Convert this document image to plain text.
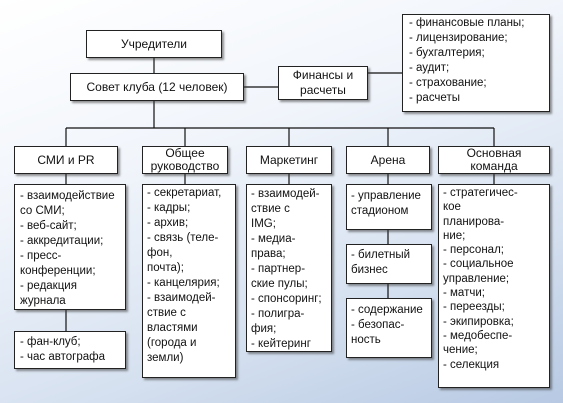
Учредители
Совет клуба (12 человек)
Финансы и
расчеты
- финансовые планы;
- лицензирование;
- бухгалтерия;
- аудит;
- страхование;
- расчеты
СМИ и PR	Общее
руководство	Маркетинг	Арена	Основная
команда
- взаимодействие
со СМИ;
- веб-сайт;
- аккредитации;
- пресс-
конференции;
- редакция
журнала
- фан-клуб;
- час автографа
- секретариат,
- кадры;
- архив;
- связь (теле-
фон,
почта);
- канцелярия;
- взаимодей-
ствие с
властями
(города и
земли)
- взаимодей-
ствие с
IMG;
- медиа-
права;
- партнер-
ские пулы;
- спонсоринг;
- полигра-
фия;
- кейтеринг
- управление
стадионом
- билетный
бизнес
- содержание
- безопас-
ность
- стратегичес-
кое
планирова-
ние;
- персонал;
- социальное
управление;
- матчи;
- переезды;
- экипировка;
- медобеспе-
чение;
- селекция
